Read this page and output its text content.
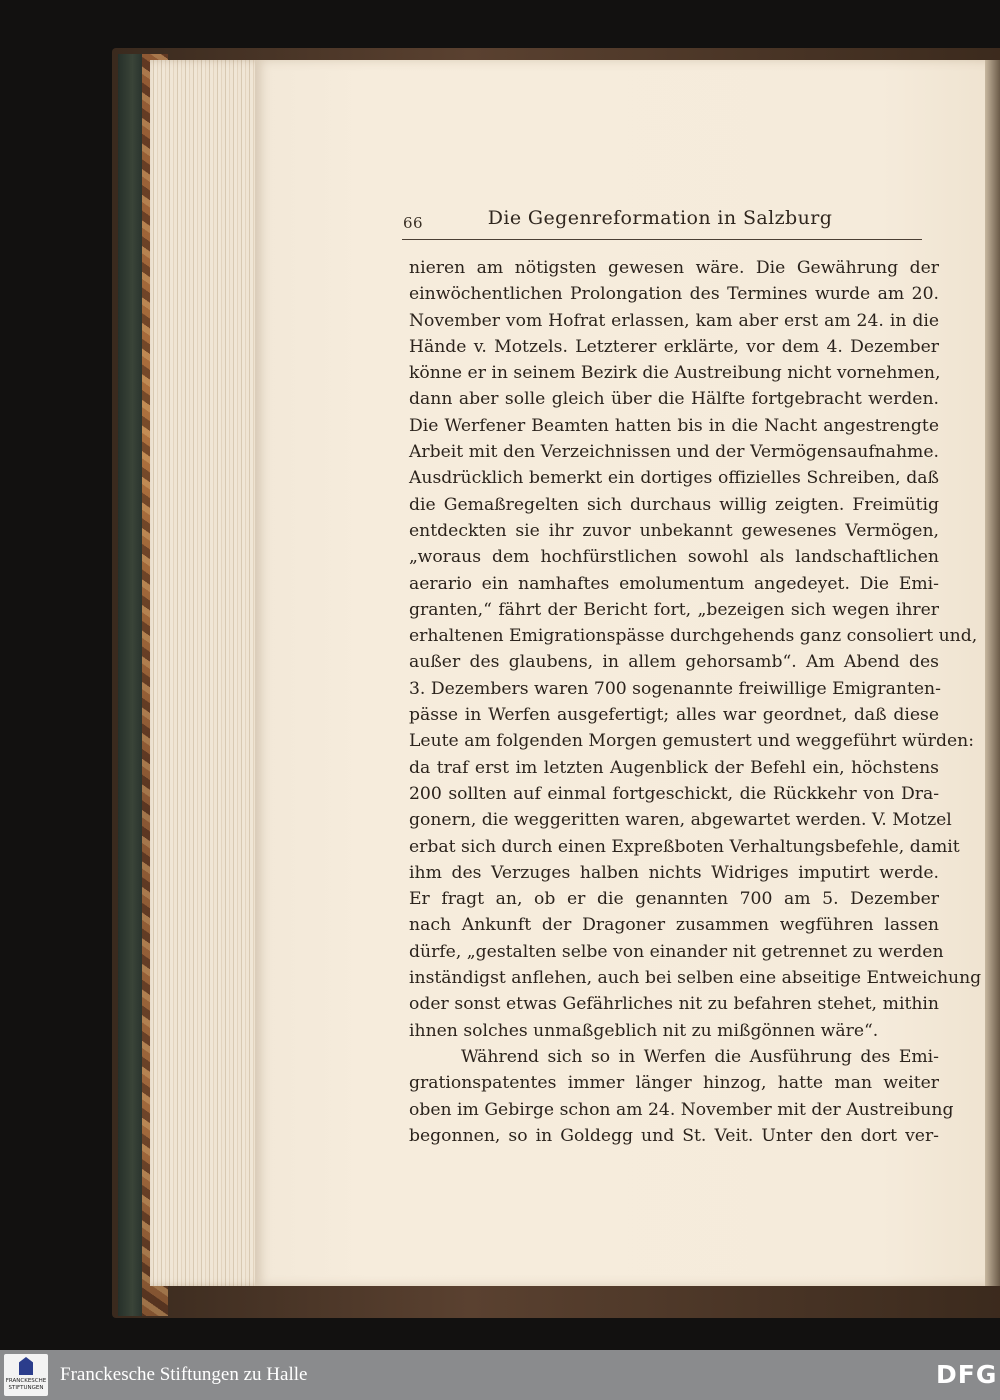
66	Die Gegenreformation in Salzburg
nieren am nötigsten gewesen wäre. Die Gewährung der
einwöchentlichen Prolongation des Termines wurde am 20.
November vom Hofrat erlassen, kam aber erst am 24. in die
Hände v. Motzels. Letzterer erklärte, vor dem 4. Dezember
könne er in seinem Bezirk die Austreibung nicht vornehmen,
dann aber solle gleich über die Hälfte fortgebracht werden.
Die Werfener Beamten hatten bis in die Nacht angestrengte
Arbeit mit den Verzeichnissen und der Vermögensaufnahme.
Ausdrücklich bemerkt ein dortiges offizielles Schreiben, daß
die Gemaßregelten sich durchaus willig zeigten. Freimütig
entdeckten sie ihr zuvor unbekannt gewesenes Vermögen,
„woraus dem hochfürstlichen sowohl als landschaftlichen
aerario ein namhaftes emolumentum angedeyet. Die Emi-
granten,“ fährt der Bericht fort, „bezeigen sich wegen ihrer
erhaltenen Emigrationspässe durchgehends ganz consoliert und,
außer des glaubens, in allem gehorsamb“. Am Abend des
3. Dezembers waren 700 sogenannte freiwillige Emigranten-
pässe in Werfen ausgefertigt; alles war geordnet, daß diese
Leute am folgenden Morgen gemustert und weggeführt würden:
da traf erst im letzten Augenblick der Befehl ein, höchstens
200 sollten auf einmal fortgeschickt, die Rückkehr von Dra-
gonern, die weggeritten waren, abgewartet werden. V. Motzel
erbat sich durch einen Expreßboten Verhaltungsbefehle, damit
ihm des Verzuges halben nichts Widriges imputirt werde.
Er fragt an, ob er die genannten 700 am 5. Dezember
nach Ankunft der Dragoner zusammen wegführen lassen
dürfe, „gestalten selbe von einander nit getrennet zu werden
inständigst anflehen, auch bei selben eine abseitige Entweichung
oder sonst etwas Gefährliches nit zu befahren stehet, mithin
ihnen solches unmaßgeblich nit zu mißgönnen wäre“.
Während sich so in Werfen die Ausführung des Emi-
grationspatentes immer länger hinzog, hatte man weiter
oben im Gebirge schon am 24. November mit der Austreibung
begonnen, so in Goldegg und St. Veit. Unter den dort ver-
FRANCKESCHE
STIFTUNGEN
Franckesche Stiftungen zu Halle	DFG
